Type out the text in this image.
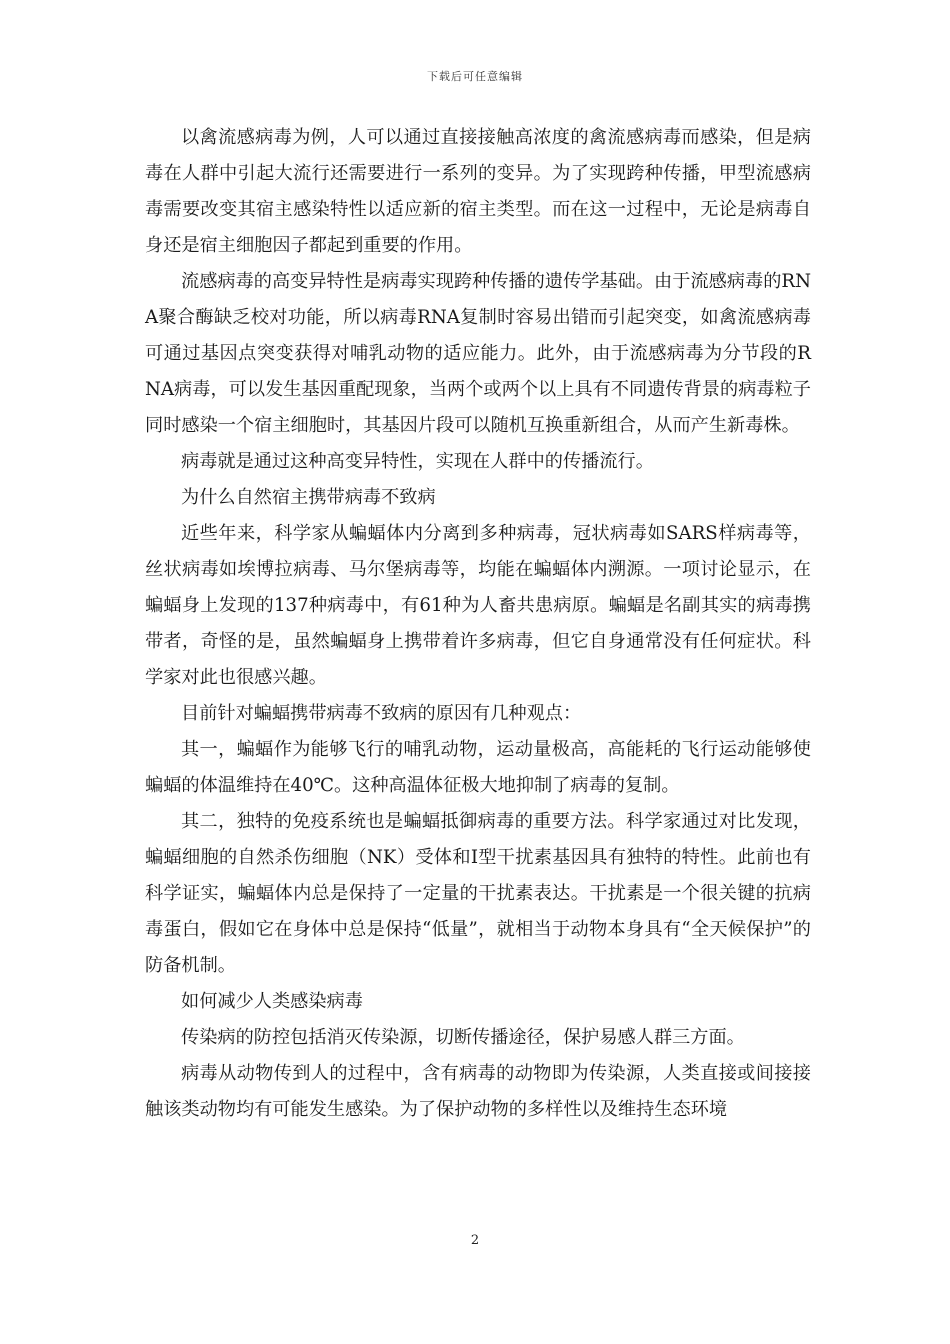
下载后可任意编辑

以禽流感病毒为例，人可以通过直接接触高浓度的禽流感病毒而感染，但是病毒在人群中引起大流行还需要进行一系列的变异。为了实现跨种传播，甲型流感病毒需要改变其宿主感染特性以适应新的宿主类型。而在这一过程中，无论是病毒自身还是宿主细胞因子都起到重要的作用。

流感病毒的高变异特性是病毒实现跨种传播的遗传学基础。由于流感病毒的RNA聚合酶缺乏校对功能，所以病毒RNA复制时容易出错而引起突变，如禽流感病毒可通过基因点突变获得对哺乳动物的适应能力。此外，由于流感病毒为分节段的RNA病毒，可以发生基因重配现象，当两个或两个以上具有不同遗传背景的病毒粒子同时感染一个宿主细胞时，其基因片段可以随机互换重新组合，从而产生新毒株。

病毒就是通过这种高变异特性，实现在人群中的传播流行。

为什么自然宿主携带病毒不致病

近些年来，科学家从蝙蝠体内分离到多种病毒，冠状病毒如SARS样病毒等，丝状病毒如埃博拉病毒、马尔堡病毒等，均能在蝙蝠体内溯源。一项讨论显示，在蝙蝠身上发现的137种病毒中，有61种为人畜共患病原。蝙蝠是名副其实的病毒携带者，奇怪的是，虽然蝙蝠身上携带着许多病毒，但它自身通常没有任何症状。科学家对此也很感兴趣。

目前针对蝙蝠携带病毒不致病的原因有几种观点：

其一，蝙蝠作为能够飞行的哺乳动物，运动量极高，高能耗的飞行运动能够使蝙蝠的体温维持在40℃。这种高温体征极大地抑制了病毒的复制。

其二，独特的免疫系统也是蝙蝠抵御病毒的重要方法。科学家通过对比发现，蝙蝠细胞的自然杀伤细胞（NK）受体和Ⅰ型干扰素基因具有独特的特性。此前也有科学证实，蝙蝠体内总是保持了一定量的干扰素表达。干扰素是一个很关键的抗病毒蛋白，假如它在身体中总是保持“低量”，就相当于动物本身具有“全天候保护”的防备机制。

如何减少人类感染病毒

传染病的防控包括消灭传染源，切断传播途径，保护易感人群三方面。

病毒从动物传到人的过程中，含有病毒的动物即为传染源，人类直接或间接接触该类动物均有可能发生感染。为了保护动物的多样性以及维持生态环境

2
